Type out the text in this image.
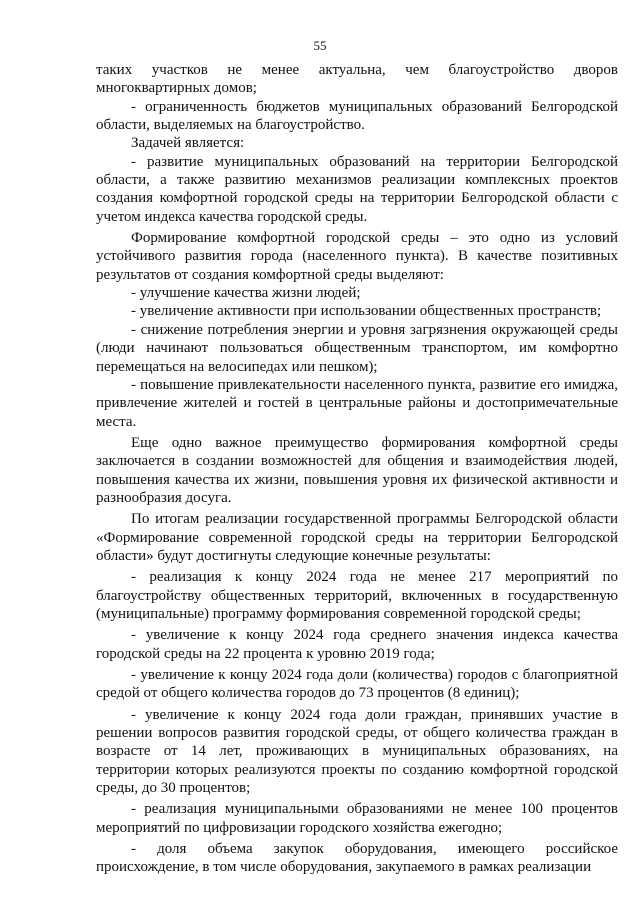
55

таких участков не менее актуальна, чем благоустройство дворов многоквартирных домов;

- ограниченность бюджетов муниципальных образований Белгородской области, выделяемых на благоустройство.

Задачей является:

- развитие муниципальных образований на территории Белгородской области, а также развитию механизмов реализации комплексных проектов создания комфортной городской среды на территории Белгородской области с учетом индекса качества городской среды.

Формирование комфортной городской среды – это одно из условий устойчивого развития города (населенного пункта). В качестве позитивных результатов от создания комфортной среды выделяют:

- улучшение качества жизни людей;

- увеличение активности при использовании общественных пространств;

- снижение потребления энергии и уровня загрязнения окружающей среды (люди начинают пользоваться общественным транспортом, им комфортно перемещаться на велосипедах или пешком);

- повышение привлекательности населенного пункта, развитие его имиджа, привлечение жителей и гостей в центральные районы и достопримечательные места.

Еще одно важное преимущество формирования комфортной среды заключается в создании возможностей для общения и взаимодействия людей, повышения качества их жизни, повышения уровня их физической активности и разнообразия досуга.

По итогам реализации государственной программы Белгородской области «Формирование современной городской среды на территории Белгородской области» будут достигнуты следующие конечные результаты:

- реализация к концу 2024 года не менее 217 мероприятий по благоустройству общественных территорий, включенных в государственную (муниципальные) программу формирования современной городской среды;

- увеличение к концу 2024 года среднего значения индекса качества городской среды на 22 процента к уровню 2019 года;

- увеличение к концу 2024 года доли (количества) городов с благоприятной средой от общего количества городов до 73 процентов (8 единиц);

- увеличение к концу 2024 года доли граждан, принявших участие в решении вопросов развития городской среды, от общего количества граждан в возрасте от 14 лет, проживающих в муниципальных образованиях, на территории которых реализуются проекты по созданию комфортной городской среды, до 30 процентов;

- реализация муниципальными образованиями не менее 100 процентов мероприятий по цифровизации городского хозяйства ежегодно;

- доля объема закупок оборудования, имеющего российское происхождение, в том числе оборудования, закупаемого в рамках реализации
